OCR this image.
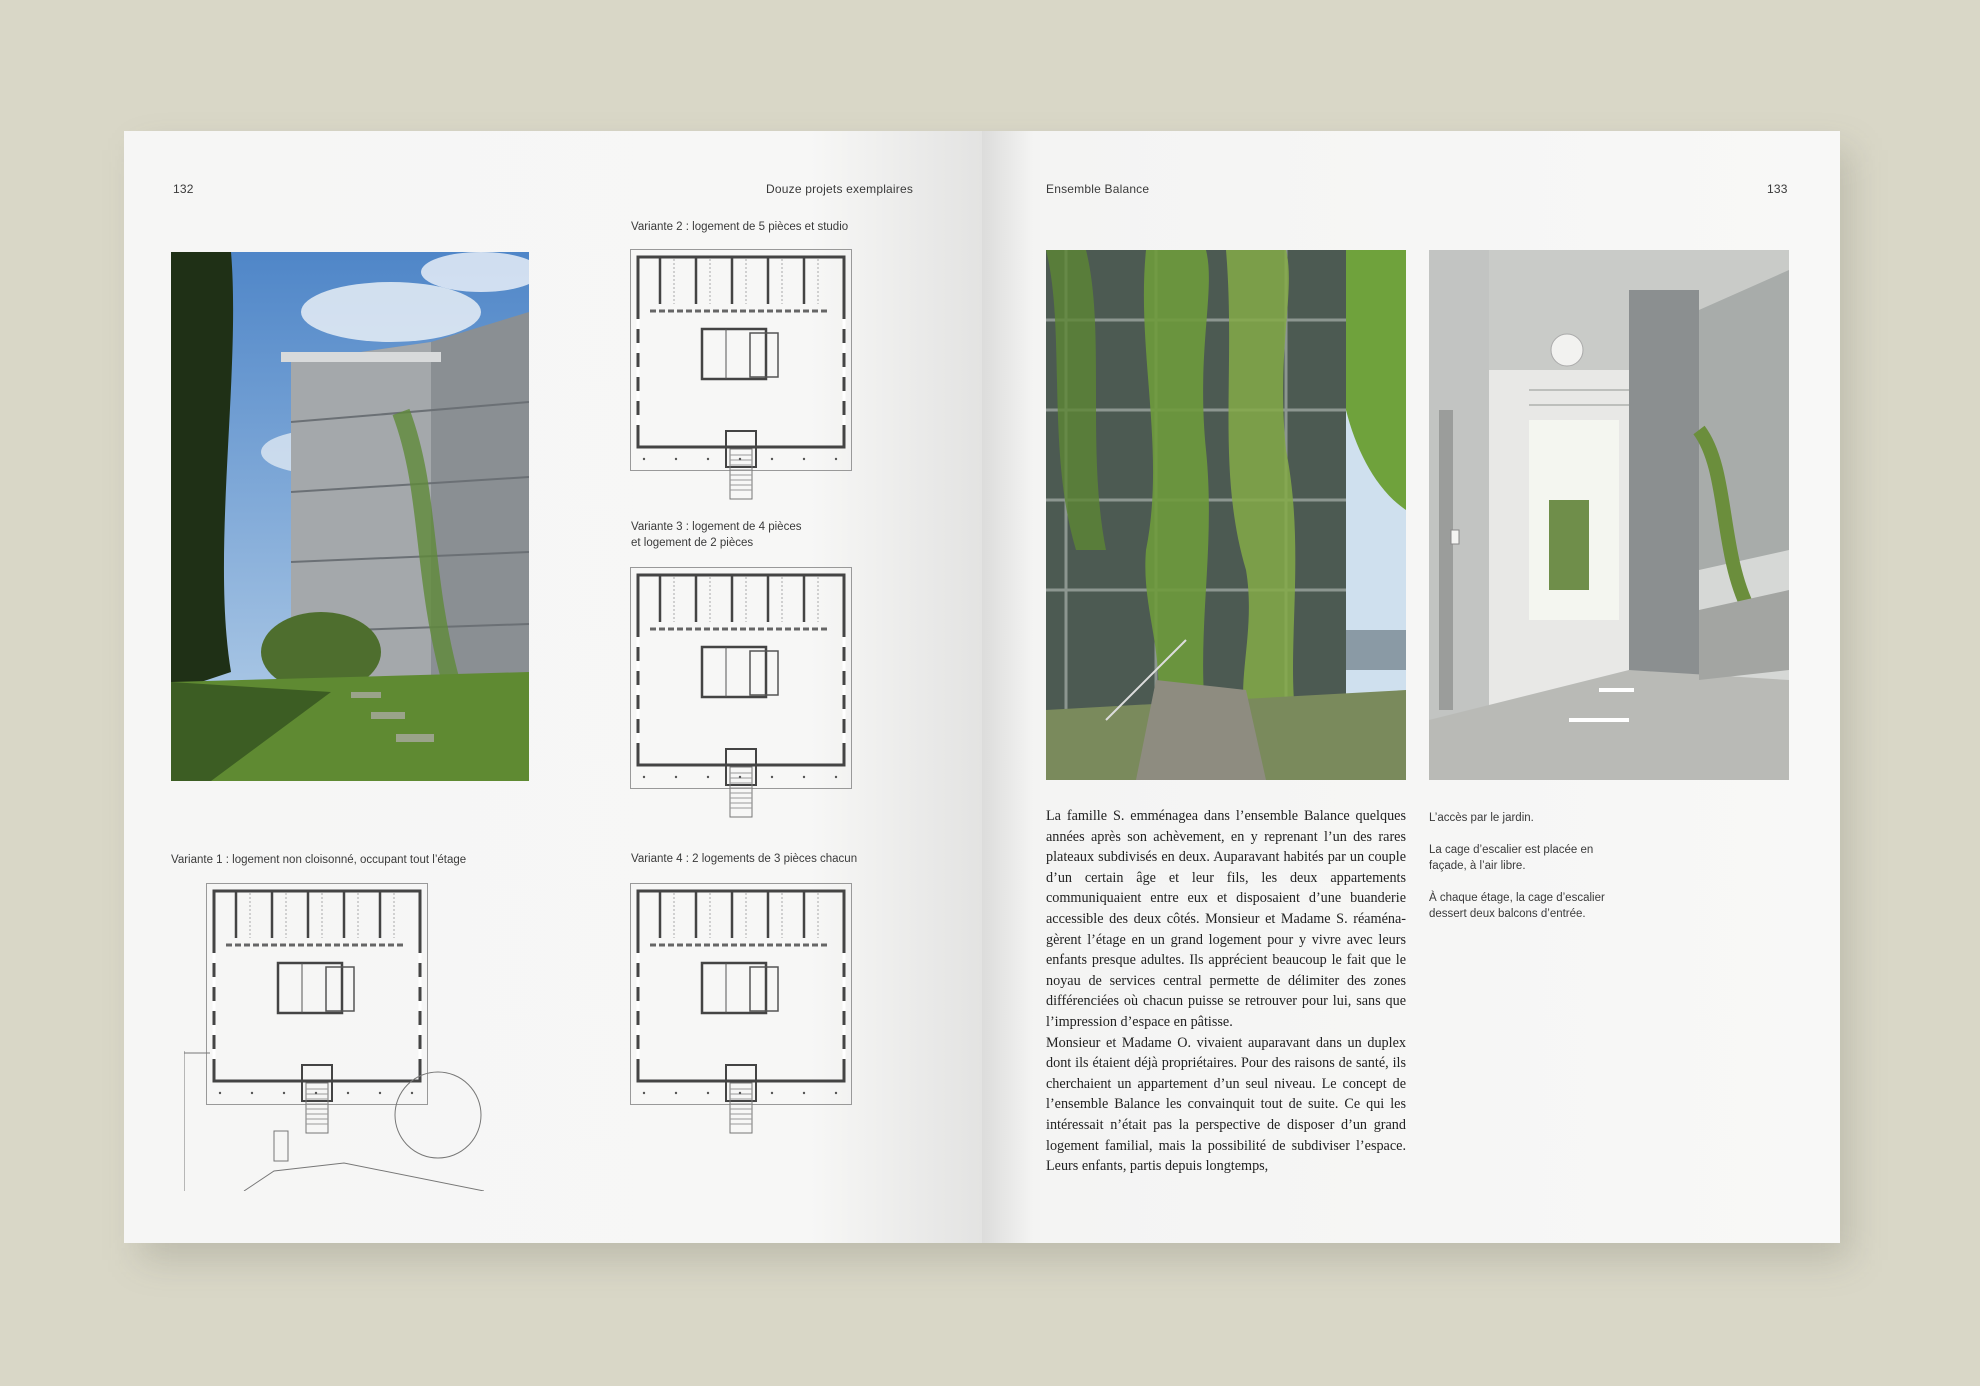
132	Douze projets exemplaires
Variante 2 : logement de 5 pièces et studio
Variante 3 : logement de 4 pièces
et logement de 2 pièces
Variante 1 : logement non cloisonné, occupant tout l’étage	Variante 4 : 2 logements de 3 pièces chacun
Ensemble Balance	133

La famille S. emménagea dans l’ensemble Balance quelques années après son achèvement, en y reprenant l’un des rares plateaux subdivisés en deux. Auparavant habités par un couple d’un certain âge et leur fils, les deux appartements communiquaient entre eux et disposaient d’une buanderie accessible des deux côtés. Monsieur et Madame S. réaménagèrent l’étage en un grand logement pour y vivre avec leurs enfants presque adultes. Ils apprécient beaucoup le fait que le noyau de services central permette de délimiter des zones différenciées où chacun puisse se retrouver pour lui, sans que l’impression d’espace en pâtisse.

Monsieur et Madame O. vivaient auparavant dans un duplex dont ils étaient déjà propriétaires. Pour des raisons de santé, ils cherchaient un appartement d’un seul niveau. Le concept de l’ensemble Balance les convainquit tout de suite. Ce qui les intéressait n’était pas la perspective de disposer d’un grand logement familial, mais la possibilité de subdiviser l’espace. Leurs enfants, partis depuis longtemps,

L’accès par le jardin.

La cage d’escalier est placée en façade, à l’air libre.

À chaque étage, la cage d’escalier dessert deux balcons d’entrée.
